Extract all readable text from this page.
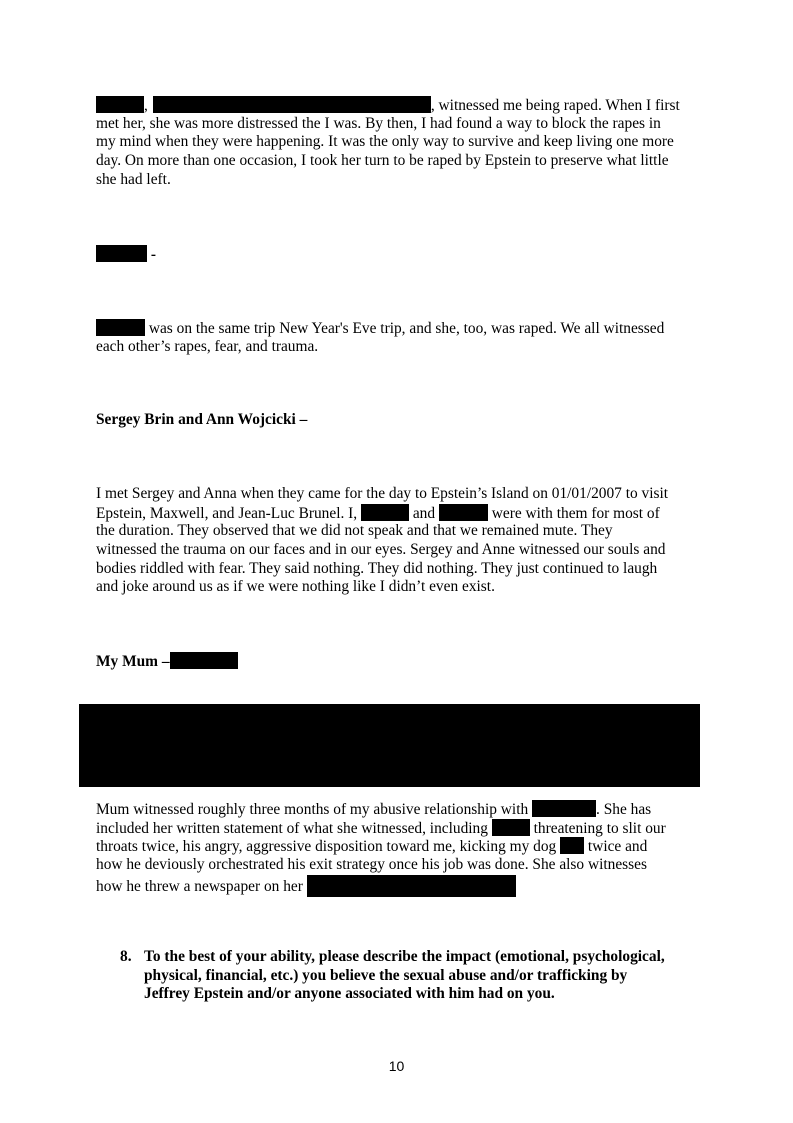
,	, witnessed me being raped. When I first
met her, she was more distressed the I was. By then, I had found a way to block the rapes in
my mind when they were happening. It was the only way to survive and keep living one more
day. On more than one occasion, I took her turn to be raped by Epstein to preserve what little
she had left.
-
was on the same trip New Year's Eve trip, and she, too, was raped. We all witnessed
each other’s rapes, fear, and trauma.
Sergey Brin and Ann Wojcicki –
I met Sergey and Anna when they came for the day to Epstein’s Island on 01/01/2007 to visit
Epstein, Maxwell, and Jean-Luc Brunel. I,	and	were with them for most of
the duration. They observed that we did not speak and that we remained mute. They
witnessed the trauma on our faces and in our eyes. Sergey and Anne witnessed our souls and
bodies riddled with fear. They said nothing. They did nothing. They just continued to laugh
and joke around us as if we were nothing like I didn’t even exist.
My Mum –
Mum witnessed roughly three months of my abusive relationship with	. She has
included her written statement of what she witnessed, including  threatening to slit our
throats twice, his angry, aggressive disposition toward me, kicking my dog  twice and
how he deviously orchestrated his exit strategy once his job was done. She also witnesses
how he threw a newspaper on her
8. To the best of your ability, please describe the impact (emotional, psychological,
physical, financial, etc.) you believe the sexual abuse and/or trafficking by
Jeffrey Epstein and/or anyone associated with him had on you.
10
